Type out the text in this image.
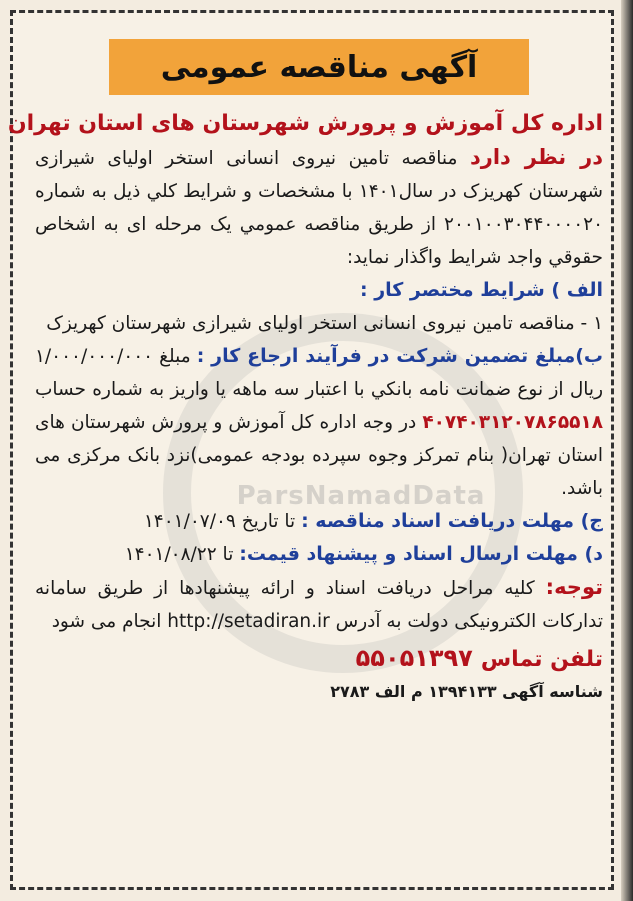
ParsNamadData
آگهی مناقصه عمومی
اداره کل آموزش و پرورش شهرستان های استان تهران
در نظر دارد مناقصه تامین نیروی انسانی استخر اولیای شیرازی شهرستان کهریزک در سال۱۴۰۱ با مشخصات و شرایط کلي ذیل به شماره ۲۰۰۱۰۰۳۰۴۴۰۰۰۰۲۰ از طریق مناقصه عمومي یک مرحله ای به اشخاص حقوقي واجد شرایط واگذار نماید:
الف ) شرایط مختصر کار :
۱ - مناقصه تامین نیروی انسانی استخر اولیای شیرازی شهرستان کهریزک
ب)مبلغ تضمین شرکت در فرآیند ارجاع کار : مبلغ ۱/۰۰۰/۰۰۰/۰۰۰ ریال از نوع ضمانت نامه بانکي با اعتبار سه ماهه یا واریز به شماره حساب ۴۰۷۴۰۳۱۲۰۷۸۶۵۵۱۸ در وجه اداره کل آموزش و پرورش شهرستان های استان تهران( بنام تمرکز وجوه سپرده بودجه عمومی)نزد بانک مرکزی می باشد.
ج) مهلت دریافت اسناد مناقصه : تا تاریخ ۱۴۰۱/۰۷/۰۹
د) مهلت ارسال اسناد و پیشنهاد قیمت: تا ۱۴۰۱/۰۸/۲۲
توجه: کلیه مراحل دریافت اسناد و ارائه پیشنهادها از طریق سامانه تدارکات الکترونیکی دولت به آدرس http://setadiran.ir انجام می شود
تلفن تماس
۵۵۰۵۱۳۹۷
شناسه آگهی ۱۳۹۴۱۳۳ م الف ۲۷۸۳
